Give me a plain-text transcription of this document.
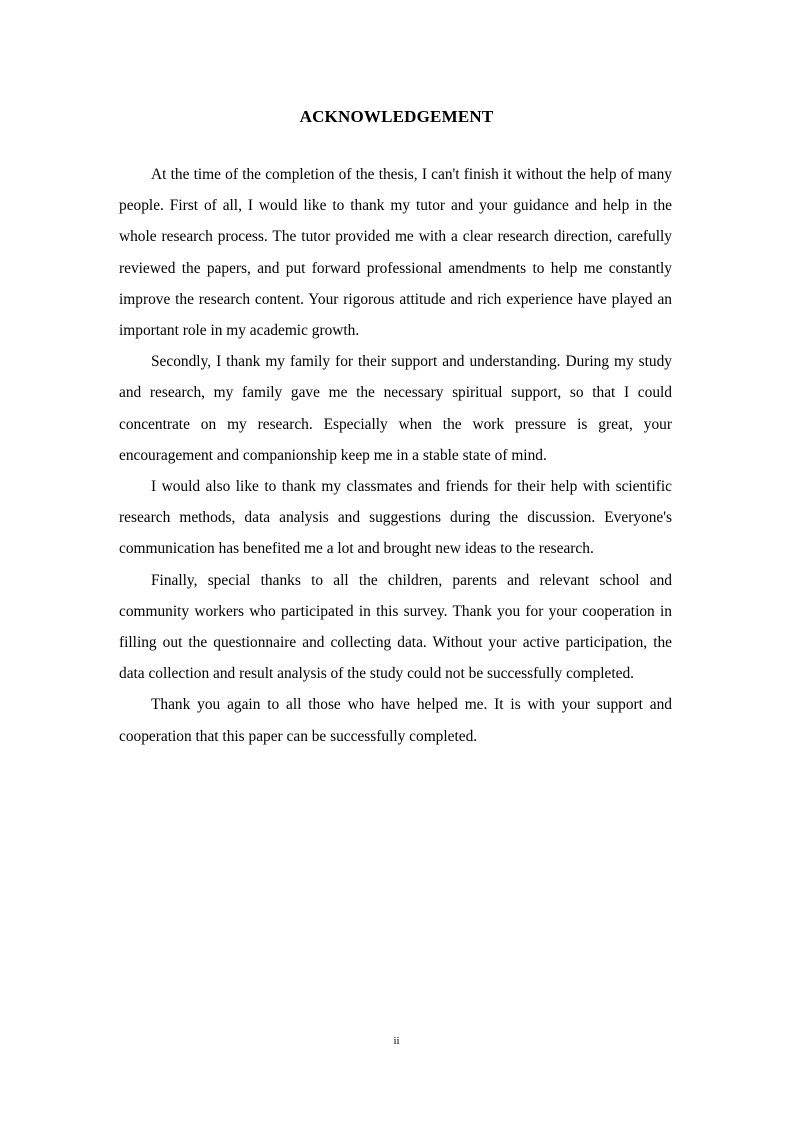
ACKNOWLEDGEMENT

At the time of the completion of the thesis, I can't finish it without the help of many people. First of all, I would like to thank my tutor and your guidance and help in the whole research process. The tutor provided me with a clear research direction, carefully reviewed the papers, and put forward professional amendments to help me constantly improve the research content. Your rigorous attitude and rich experience have played an important role in my academic growth.

Secondly, I thank my family for their support and understanding. During my study and research, my family gave me the necessary spiritual support, so that I could concentrate on my research. Especially when the work pressure is great, your encouragement and companionship keep me in a stable state of mind.

I would also like to thank my classmates and friends for their help with scientific research methods, data analysis and suggestions during the discussion. Everyone's communication has benefited me a lot and brought new ideas to the research.

Finally, special thanks to all the children, parents and relevant school and community workers who participated in this survey. Thank you for your cooperation in filling out the questionnaire and collecting data. Without your active participation, the data collection and result analysis of the study could not be successfully completed.

Thank you again to all those who have helped me. It is with your support and cooperation that this paper can be successfully completed.

ii
